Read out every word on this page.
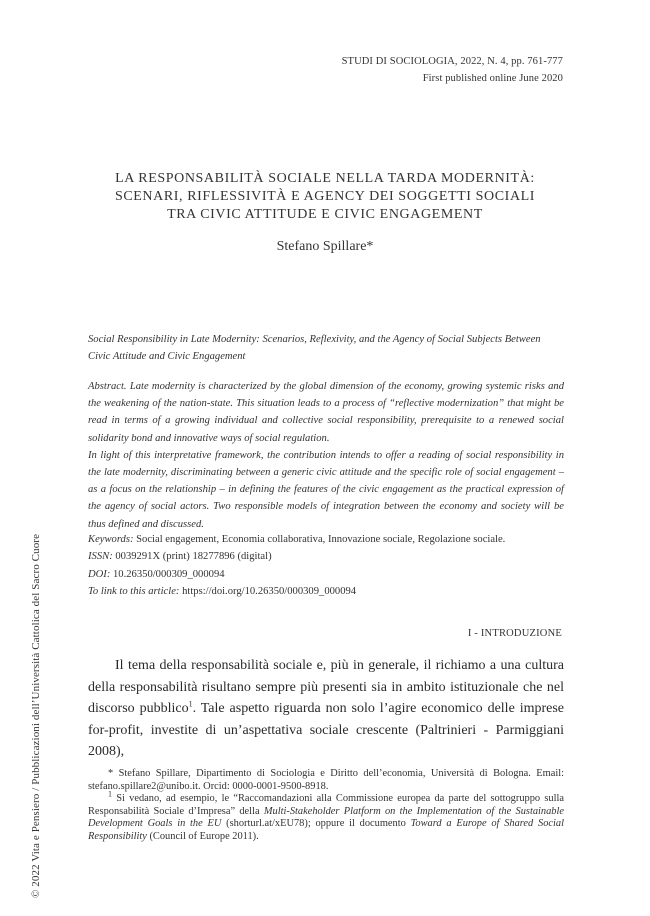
STUDI DI SOCIOLOGIA, 2022, N. 4, pp. 761-777
First published online June 2020
LA RESPONSABILITÀ SOCIALE NELLA TARDA MODERNITÀ:
SCENARI, RIFLESSIVITÀ E AGENCY DEI SOGGETTI SOCIALI
TRA CIVIC ATTITUDE E CIVIC ENGAGEMENT
Stefano Spillare*
Social Responsibility in Late Modernity: Scenarios, Reflexivity, and the Agency of Social Subjects Between Civic Attitude and Civic Engagement

Abstract. Late modernity is characterized by the global dimension of the economy, growing systemic risks and the weakening of the nation-state. This situation leads to a process of “reflective modernization” that might be read in terms of a growing individual and collective social responsibility, prerequisite to a renewed social solidarity bond and innovative ways of social regulation.

In light of this interpretative framework, the contribution intends to offer a reading of social responsibility in the late modernity, discriminating between a generic civic attitude and the specific role of social engagement – as a focus on the relationship – in defining the features of the civic engagement as the practical expression of the agency of social actors. Two responsible models of integration between the economy and society will be thus defined and discussed.

Keywords: Social engagement, Economia collaborativa, Innovazione sociale, Regolazione sociale.
ISSN: 0039291X (print) 18277896 (digital)
DOI: 10.26350/000309_000094
To link to this article: https://doi.org/10.26350/000309_000094
I - INTRODUZIONE

Il tema della responsabilità sociale e, più in generale, il richiamo a una cultura della responsabilità risultano sempre più presenti sia in ambito istituzionale che nel discorso pubblico$^1$. Tale aspetto riguarda non solo l’agire economico delle imprese for-profit, investite di un’aspettativa sociale crescente (Paltrinieri - Parmiggiani 2008),

* Stefano Spillare, Dipartimento di Sociologia e Diritto dell’economia, Università di Bologna. Email: stefano.spillare2@unibo.it. Orcid: 0000-0001-9500-8918.

$^1$ Si vedano, ad esempio, le “Raccomandazioni alla Commissione europea da parte del sottogruppo sulla Responsabilità Sociale d’Impresa” della Multi-Stakeholder Platform on the Implementation of the Sustainable Development Goals in the EU (shorturl.at/xEU78); oppure il documento Toward a Europe of Shared Social Responsibility (Council of Europe 2011).

© 2022 Vita e Pensiero / Pubblicazioni dell’Università Cattolica del Sacro Cuore
